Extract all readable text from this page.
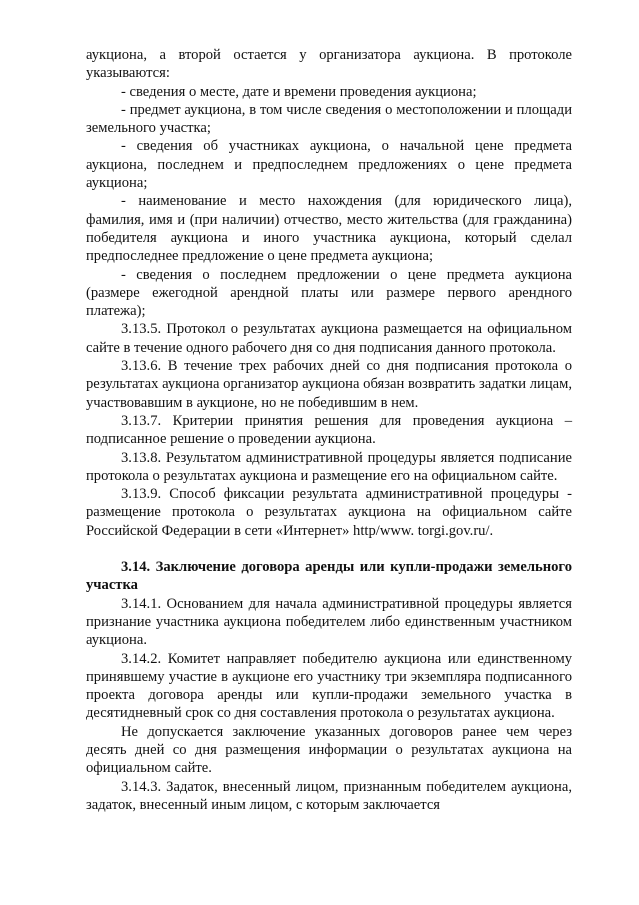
аукциона, а второй остается у организатора аукциона. В протоколе указываются:

- сведения о месте, дате и времени проведения аукциона;

- предмет аукциона, в том числе сведения о местоположении и площади земельного участка;

- сведения об участниках аукциона, о начальной цене предмета аукциона, последнем и предпоследнем предложениях о цене предмета аукциона;

- наименование и место нахождения (для юридического лица), фамилия, имя и (при наличии) отчество, место жительства (для гражданина) победителя аукциона и иного участника аукциона, который сделал предпоследнее предложение о цене предмета аукциона;

- сведения о последнем предложении о цене предмета аукциона (размере ежегодной арендной платы или размере первого арендного платежа);

3.13.5. Протокол о результатах аукциона размещается на официальном сайте в течение одного рабочего дня со дня подписания данного протокола.

3.13.6. В течение трех рабочих дней со дня подписания протокола о результатах аукциона организатор аукциона обязан возвратить задатки лицам, участвовавшим в аукционе, но не победившим в нем.

3.13.7. Критерии принятия решения для проведения аукциона – подписанное решение о проведении аукциона.

3.13.8. Результатом административной процедуры является подписание протокола о результатах аукциона и размещение его на официальном сайте.

3.13.9. Способ фиксации результата административной процедуры - размещение протокола о результатах аукциона на официальном сайте Российской Федерации в сети «Интернет» http/www. torgi.gov.ru/.

3.14. Заключение договора аренды или купли-продажи земельного участка

3.14.1. Основанием для начала административной процедуры является признание участника аукциона победителем либо единственным участником аукциона.

3.14.2. Комитет направляет победителю аукциона или единственному принявшему участие в аукционе его участнику три экземпляра подписанного проекта договора аренды или купли-продажи земельного участка в десятидневный срок со дня составления протокола о результатах аукциона.

Не допускается заключение указанных договоров ранее чем через десять дней со дня размещения информации о результатах аукциона на официальном сайте.

3.14.3. Задаток, внесенный лицом, признанным победителем аукциона, задаток, внесенный иным лицом, с которым заключается
